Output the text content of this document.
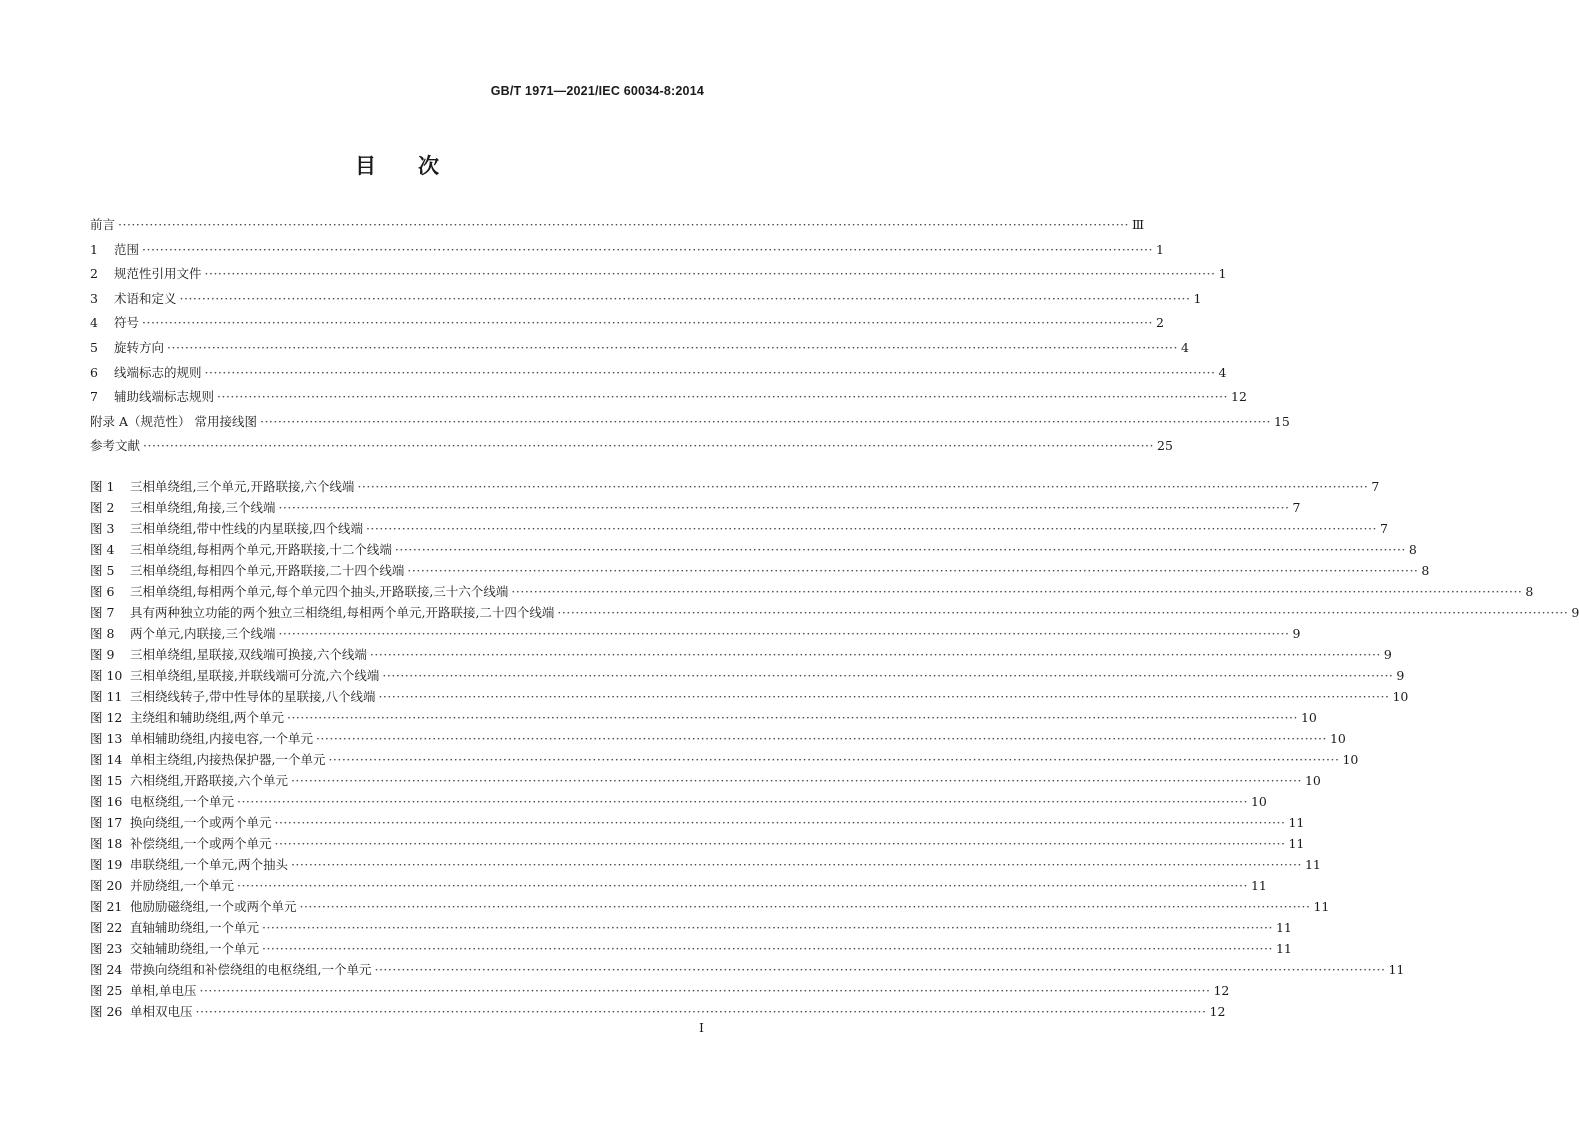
GB/T 1971—2021/IEC 60034-8:2014
目次
前言 ·····	Ⅲ
1	范围 ·····	1
2	规范性引用文件 ·····	1
3	术语和定义 ·····	1
4	符号 ·····	2
5	旋转方向 ·····	4
6	线端标志的规则 ·····	4
7	辅助线端标志规则 ·····	12
附录 A（规范性） 常用接线图 ·····	15
参考文献 ·····	25
图 1	三相单绕组,三个单元,开路联接,六个线端 ·····	7
图 2	三相单绕组,角接,三个线端 ·····	7
图 3	三相单绕组,带中性线的内星联接,四个线端 ·····	7
图 4	三相单绕组,每相两个单元,开路联接,十二个线端 ·····	8
图 5	三相单绕组,每相四个单元,开路联接,二十四个线端 ·····	8
图 6	三相单绕组,每相两个单元,每个单元四个抽头,开路联接,三十六个线端 ·····	8
图 7	具有两种独立功能的两个独立三相绕组,每相两个单元,开路联接,二十四个线端 ·····	9
图 8	两个单元,内联接,三个线端 ·····	9
图 9	三相单绕组,星联接,双线端可换接,六个线端 ·····	9
图 10 三相单绕组,星联接,并联线端可分流,六个线端 ·····	9
图 11 三相绕线转子,带中性导体的星联接,八个线端 ·····	10
图 12 主绕组和辅助绕组,两个单元 ·····	10
图 13 单相辅助绕组,内接电容,一个单元 ·····	10
图 14 单相主绕组,内接热保护器,一个单元 ·····	10
图 15 六相绕组,开路联接,六个单元 ·····	10
图 16 电枢绕组,一个单元 ·····	10
图 17 换向绕组,一个或两个单元 ·····	11
图 18 补偿绕组,一个或两个单元 ·····	11
图 19 串联绕组,一个单元,两个抽头 ·····	11
图 20 并励绕组,一个单元 ·····	11
图 21 他励励磁绕组,一个或两个单元 ·····	11
图 22 直轴辅助绕组,一个单元 ·····	11
图 23 交轴辅助绕组,一个单元 ·····	11
图 24 带换向绕组和补偿绕组的电枢绕组,一个单元 ·····	11
图 25 单相,单电压 ·····	12
图 26 单相双电压 ·····	12
I
